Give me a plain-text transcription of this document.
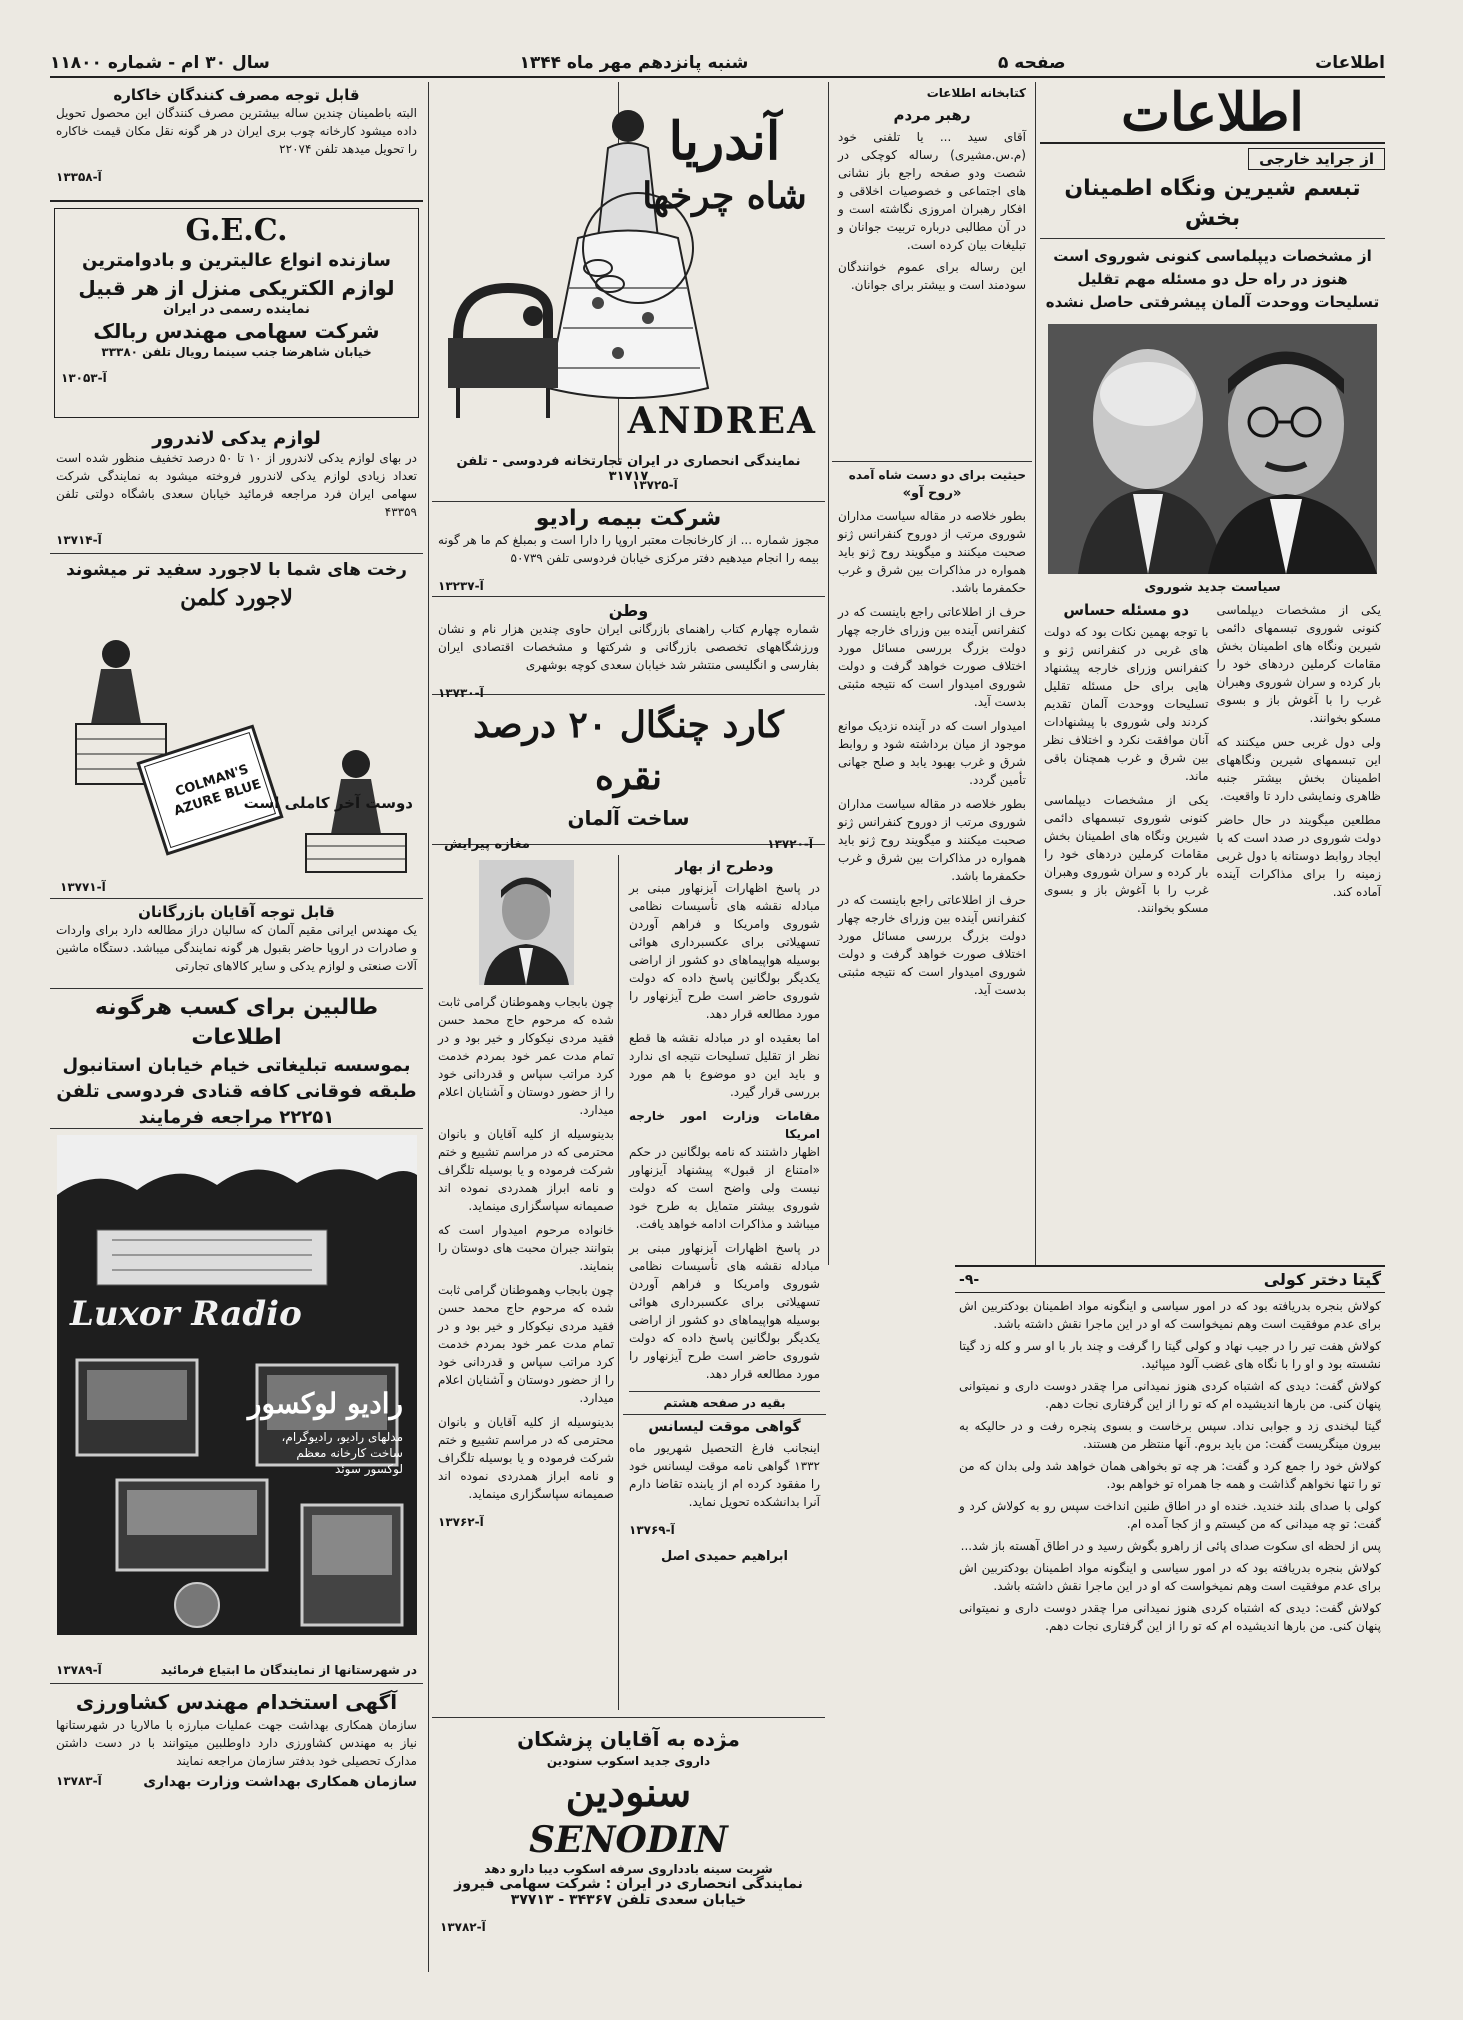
اطلاعات
صفحه ۵
شنبه پانزدهم مهر ماه ۱۳۴۴
سال ۳۰ ام - شماره ۱۱۸۰۰
اطلاعات
از جراید خارجی

تبسم شیرین ونگاه اطمینان بخش

از مشخصات دیپلماسی کنونی شوروی است هنوز در راه حل دو مسئله مهم تقلیل تسلیحات ووحدت آلمان پیشرفتی حاصل نشده

سیاست جدید شوروی

یکی از مشخصات دیپلماسی کنونی شوروی تبسمهای دائمی شیرین ونگاه های اطمینان بخش مقامات کرملین دردهای خود را بار کرده و سران شوروی وهبران غرب را با آغوش باز و بسوی مسکو بخوانند.

ولی دول غربی حس میکنند که این تبسمهای شیرین ونگاههای اطمینان بخش بیشتر جنبه ظاهری ونمایشی دارد تا واقعیت.

مطلعین میگویند در حال حاضر دولت شوروی در صدد است که با ایجاد روابط دوستانه با دول غربی زمینه را برای مذاکرات آینده آماده کند.

دو مسئله حساس

با توجه بهمین نکات بود که دولت های غربی در کنفرانس ژنو و کنفرانس وزرای خارجه پیشنهاد هایی برای حل مسئله تقلیل تسلیحات ووحدت آلمان تقدیم کردند ولی شوروی با پیشنهادات آنان موافقت نکرد و اختلاف نظر بین شرق و غرب همچنان باقی ماند.

یکی از مشخصات دیپلماسی کنونی شوروی تبسمهای دائمی شیرین ونگاه های اطمینان بخش مقامات کرملین دردهای خود را بار کرده و سران شوروی وهبران غرب را با آغوش باز و بسوی مسکو بخوانند.

کتابخانه اطلاعات

رهبر مردم

آقای سید ... یا تلفنی خود (م.س.مشیری) رساله کوچکی در شصت ودو صفحه راجع باز نشانی های اجتماعی و خصوصیات اخلاقی و افکار رهبران امروزی نگاشته است و در آن مطالبی درباره تربیت جوانان و تبلیغات بیان کرده است.

این رساله برای عموم خوانندگان سودمند است و بیشتر برای جوانان.

حیثیت برای دو دست شاه آمده

«روح آو»

بطور خلاصه در مقاله سیاست مداران شوروی مرتب از دوروح کنفرانس ژنو صحبت میکنند و میگویند روح ژنو باید همواره در مذاکرات بین شرق و غرب حکمفرما باشد.

حرف از اطلاعاتی راجع باینست که در کنفرانس آینده بین وزرای خارجه چهار دولت بزرگ بررسی مسائل مورد اختلاف صورت خواهد گرفت و دولت شوروی امیدوار است که نتیجه مثبتی بدست آید.

امیدوار است که در آینده نزدیک موانع موجود از میان برداشته شود و روابط شرق و غرب بهبود یابد و صلح جهانی تأمین گردد.

بطور خلاصه در مقاله سیاست مداران شوروی مرتب از دوروح کنفرانس ژنو صحبت میکنند و میگویند روح ژنو باید همواره در مذاکرات بین شرق و غرب حکمفرما باشد.

حرف از اطلاعاتی راجع باینست که در کنفرانس آینده بین وزرای خارجه چهار دولت بزرگ بررسی مسائل مورد اختلاف صورت خواهد گرفت و دولت شوروی امیدوار است که نتیجه مثبتی بدست آید.

ودطرح از بهار

در پاسخ اظهارات آیزنهاور مبنی بر مبادله نقشه های تأسیسات نظامی شوروی وامریکا و فراهم آوردن تسهیلاتی برای عکسبرداری هوائی بوسیله هواپیماهای دو کشور از اراضی یکدیگر بولگانین پاسخ داده که دولت شوروی حاضر است طرح آیزنهاور را مورد مطالعه قرار دهد.

اما بعقیده او در مبادله نقشه ها قطع نظر از تقلیل تسلیحات نتیجه ای ندارد و باید این دو موضوع با هم مورد بررسی قرار گیرد.

مقامات وزارت امور خارجه امریکا

اظهار داشتند که نامه بولگانین در حکم «امتناع از قبول» پیشنهاد آیزنهاور نیست ولی واضح است که دولت شوروی بیشتر متمایل به طرح خود میباشد و مذاکرات ادامه خواهد یافت.

در پاسخ اظهارات آیزنهاور مبنی بر مبادله نقشه های تأسیسات نظامی شوروی وامریکا و فراهم آوردن تسهیلاتی برای عکسبرداری هوائی بوسیله هواپیماهای دو کشور از اراضی یکدیگر بولگانین پاسخ داده که دولت شوروی حاضر است طرح آیزنهاور را مورد مطالعه قرار دهد.

بقیه در صفحه هشتم

گواهی موقت لیسانس

اینجانب فارغ التحصیل شهریور ماه ۱۳۳۲ گواهی نامه موقت لیسانس خود را مفقود کرده ام از یابنده تقاضا دارم آنرا بدانشکده تحویل نماید.

آ-۱۳۷۶۹

ابراهیم حمیدی اصل

آندریا

شاه چرخها

ANDREA

نمایندگی انحصاری در ایران تجارتخانه فردوسی - تلفن ۳۱۷۱۷

آ-۱۳۷۲۵

شرکت بیمه رادیو

مجوز شماره ... از کارخانجات معتبر اروپا را دارا است و بمبلغ کم ما هر گونه بیمه را انجام میدهیم دفتر مرکزی خیابان فردوسی تلفن ۵۰۷۳۹

آ-۱۳۲۳۷

وطن

شماره چهارم کتاب راهنمای بازرگانی ایران حاوی چندین هزار نام و نشان ورزشگاههای تخصصی بازرگانی و شرکتها و مشخصات اقتصادی ایران بفارسی و انگلیسی منتشر شد خیابان سعدی کوچه بوشهری

آ-۱۳۷۳۰

کارد چنگال ۲۰ درصد نقره

ساخت آلمان

آ-۱۳۷۲۰

مغازه پیرایش

چون بابجاب وهموطنان گرامی ثابت شده که مرحوم حاج محمد حسن فقید مردی نیکوکار و خیر بود و در تمام مدت عمر خود بمردم خدمت کرد مراتب سپاس و قدردانی خود را از حضور دوستان و آشنایان اعلام میدارد.

بدینوسیله از کلیه آقایان و بانوان محترمی که در مراسم تشییع و ختم شرکت فرموده و یا بوسیله تلگراف و نامه ابراز همدردی نموده اند صمیمانه سپاسگزاری مینماید.

خانواده مرحوم امیدوار است که بتوانند جبران محبت های دوستان را بنمایند.

چون بابجاب وهموطنان گرامی ثابت شده که مرحوم حاج محمد حسن فقید مردی نیکوکار و خیر بود و در تمام مدت عمر خود بمردم خدمت کرد مراتب سپاس و قدردانی خود را از حضور دوستان و آشنایان اعلام میدارد.

بدینوسیله از کلیه آقایان و بانوان محترمی که در مراسم تشییع و ختم شرکت فرموده و یا بوسیله تلگراف و نامه ابراز همدردی نموده اند صمیمانه سپاسگزاری مینماید.

آ-۱۳۷۶۲

مژده به آقایان پزشکان

داروی جدید اسکوب سنودین

سنودین

SENODIN

شربت سینه بادداروی سرفه اسکوب دیبا دارو دهد

نمایندگی انحصاری در ایران : شرکت سهامی فیروز

خیابان سعدی تلفن ۳۴۳۶۷ - ۳۷۷۱۳

آ-۱۳۷۸۲

قابل توجه مصرف کنندگان خاکاره

البته باطمینان چندین ساله بیشترین مصرف کنندگان این محصول تحویل داده میشود کارخانه چوب بری ایران در هر گونه نقل مکان قیمت خاکاره را تحویل میدهد تلفن ۲۲۰۷۴

آ-۱۳۳۵۸

G.E.C.

سازنده انواع عالیترین و بادوامترین

لوازم الکتریکی منزل از هر قبیل

نماینده رسمی در ایران

شرکت سهامی مهندس ربالک

خیابان شاهرضا جنب سینما رویال تلفن ۳۳۳۸۰

آ-۱۳۰۵۳

لوازم یدکی لاندرور

در بهای لوازم یدکی لاندرور از ۱۰ تا ۵۰ درصد تخفیف منظور شده است تعداد زیادی لوازم یدکی لاندرور فروخته میشود به نمایندگی شرکت سهامی ایران فرد مراجعه فرمائید خیابان سعدی باشگاه دولتی تلفن ۴۳۳۵۹

آ-۱۳۷۱۴

رخت های شما با لاجورد سفید تر میشوند

لاجورد کلمن

COLMAN'S AZURE BLUE

دوست آخر کاملی است

آ-۱۳۷۷۱

قابل توجه آقایان بازرگانان

یک مهندس ایرانی مقیم آلمان که سالیان دراز مطالعه دارد برای واردات و صادرات در اروپا حاضر بقبول هر گونه نمایندگی میباشد. دستگاه ماشین آلات صنعتی و لوازم یدکی و سایر کالاهای تجارتی

طالبین برای کسب هرگونه اطلاعات

بموسسه تبلیغاتی خیام خیابان استانبول طبقه فوقانی کافه قنادی فردوسی تلفن ۲۲۲۵۱ مراجعه فرمایند

Luxor Radio

رادیو لوکسور

مدلهای رادیو، رادیوگرام، ساخت کارخانه معظم لوکسور سوئد

در شهرستانها از نمایندگان ما ابتیاع فرمائید
آ-۱۳۷۸۹

آگهی استخدام مهندس کشاورزی

سازمان همکاری بهداشت جهت عملیات مبارزه با مالاریا در شهرستانها نیاز به مهندس کشاورزی دارد داوطلبین میتوانند با در دست داشتن مدارک تحصیلی خود بدفتر سازمان مراجعه نمایند

سازمان همکاری بهداشت وزارت بهداری
آ-۱۳۷۸۳
گیتا دختر کولی
-۹-

کولاش بنجره بدریافته بود که در امور سیاسی و اینگونه مواد اطمینان بودکتربین اش برای عدم موفقیت است وهم نمیخواست که او در این ماجرا نقش داشته باشد.

کولاش هفت تیر را در جیب نهاد و کولی گیتا را گرفت و چند بار با او سر و کله زد گیتا نشسته بود و او را با نگاه های غضب آلود میپائید.

کولاش گفت: دیدی که اشتباه کردی هنوز نمیدانی مرا چقدر دوست داری و نمیتوانی پنهان کنی. من بارها اندیشیده ام که تو را از این گرفتاری نجات دهم.

گیتا لبخندی زد و جوابی نداد. سپس برخاست و بسوی پنجره رفت و در حالیکه به بیرون مینگریست گفت: من باید بروم. آنها منتظر من هستند.

کولاش خود را جمع کرد و گفت: هر چه تو بخواهی همان خواهد شد ولی بدان که من تو را تنها نخواهم گذاشت و همه جا همراه تو خواهم بود.

کولی با صدای بلند خندید. خنده او در اطاق طنین انداخت سپس رو به کولاش کرد و گفت: تو چه میدانی که من کیستم و از کجا آمده ام.

پس از لحظه ای سکوت صدای پائی از راهرو بگوش رسید و در اطاق آهسته باز شد...

کولاش بنجره بدریافته بود که در امور سیاسی و اینگونه مواد اطمینان بودکتربین اش برای عدم موفقیت است وهم نمیخواست که او در این ماجرا نقش داشته باشد.

کولاش گفت: دیدی که اشتباه کردی هنوز نمیدانی مرا چقدر دوست داری و نمیتوانی پنهان کنی. من بارها اندیشیده ام که تو را از این گرفتاری نجات دهم.
